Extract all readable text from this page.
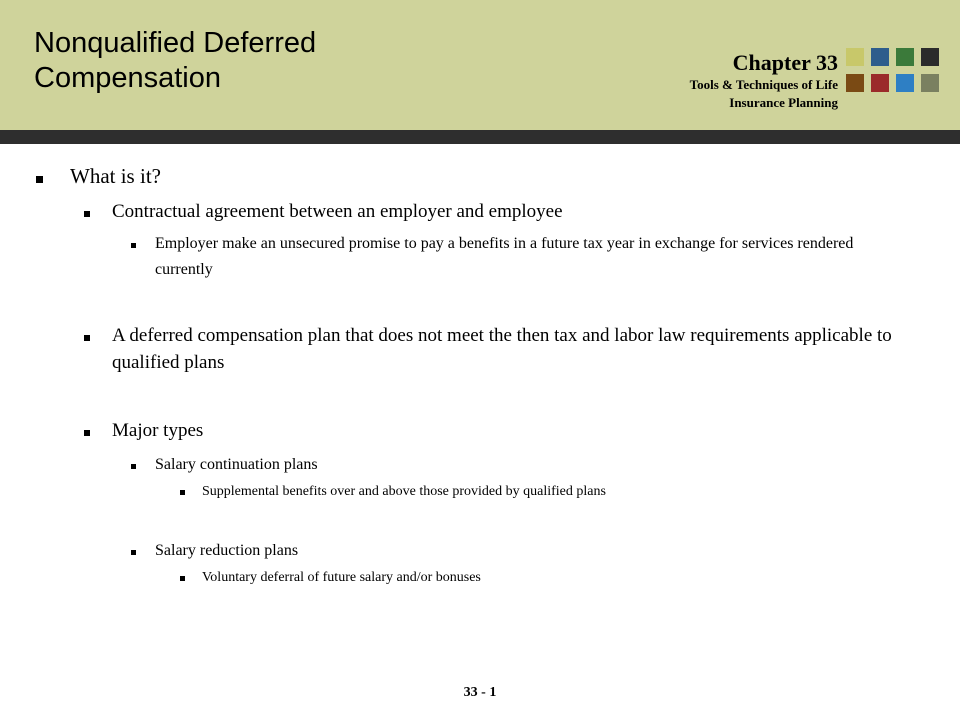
Nonqualified Deferred Compensation	Chapter 33
Tools & Techniques of Life
Insurance Planning
What is it?
Contractual agreement between an employer and employee
Employer make an unsecured promise to pay a benefits in a future tax year in exchange for services rendered currently
A deferred compensation plan that does not meet the then tax and labor law requirements applicable to qualified plans
Major types
Salary continuation plans
Supplemental benefits over and above those provided by qualified plans
Salary reduction plans
Voluntary deferral of future salary and/or bonuses
33 - 1
